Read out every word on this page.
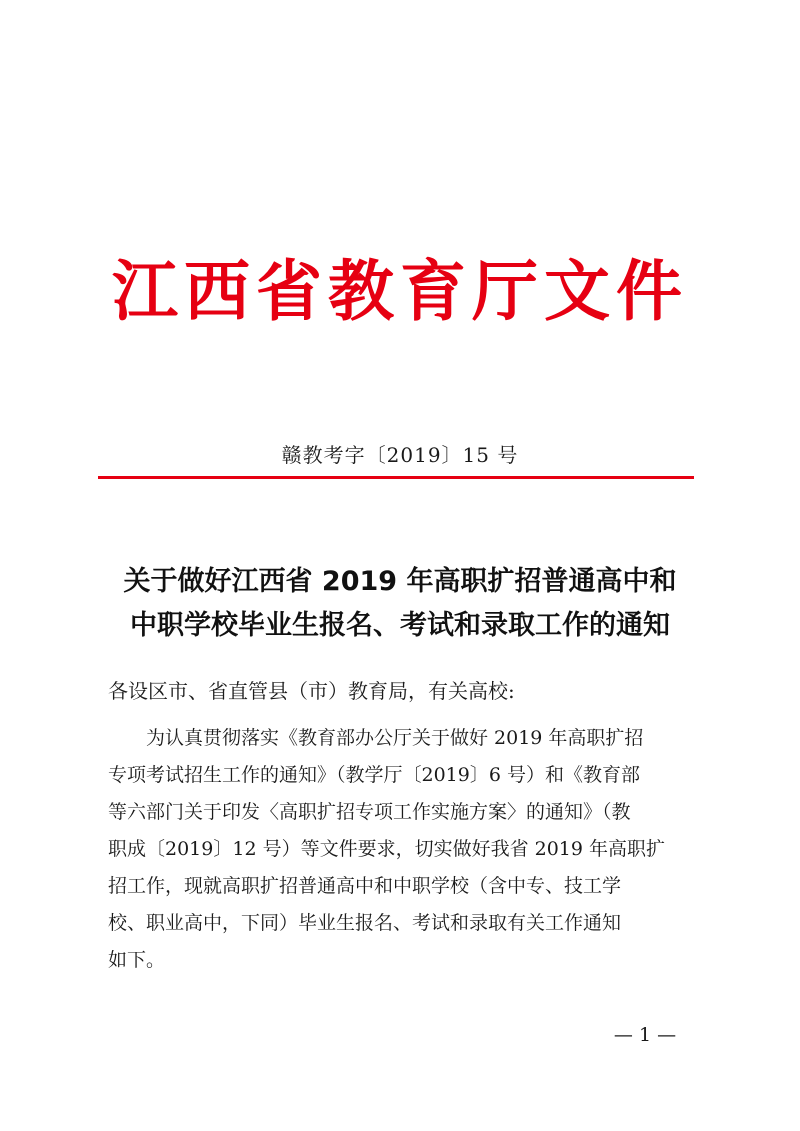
江西省教育厅文件
赣教考字〔2019〕15 号
关于做好江西省 2019 年高职扩招普通高中和
中职学校毕业生报名、考试和录取工作的通知
各设区市、省直管县（市）教育局，有关高校:
为认真贯彻落实《教育部办公厅关于做好 2019 年高职扩招
专项考试招生工作的通知》（教学厅〔2019〕6 号）和《教育部
等六部门关于印发〈高职扩招专项工作实施方案〉的通知》（教
职成〔2019〕12 号）等文件要求，切实做好我省 2019 年高职扩
招工作，现就高职扩招普通高中和中职学校（含中专、技工学
校、职业高中，下同）毕业生报名、考试和录取有关工作通知
如下。
— 1 —
